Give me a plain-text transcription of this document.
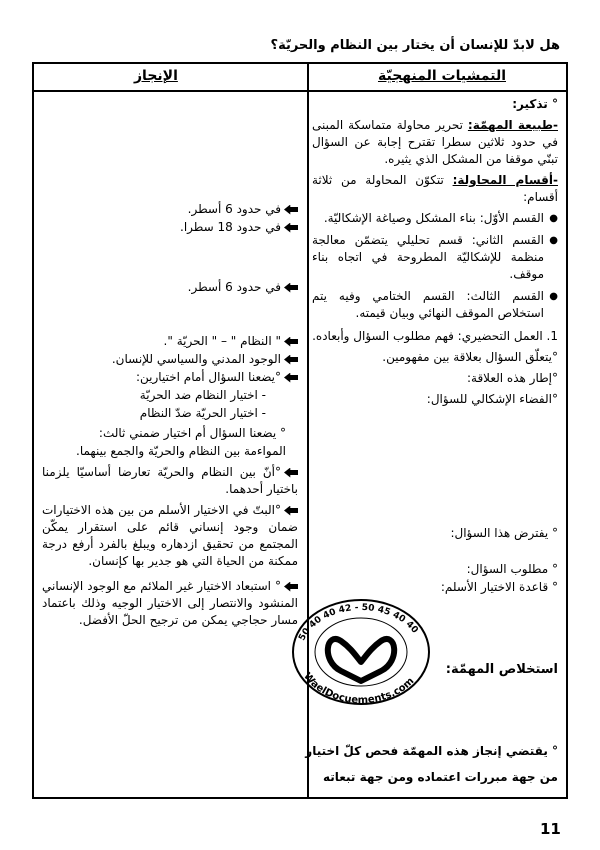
هل لابدّ للإنسان أن يختار بين النظام والحريّة؟
التمشيات المنهجيّة
الإنجاز

° تذكير:

-طبيعة المهمّة: تحرير محاولة متماسكة المبنى في حدود ثلاثين سطرا تقترح إجابة عن السؤال تبنّي موقفا من المشكل الذي يثيره.

-أقسام المحاولة: تتكوّن المحاولة من ثلاثة أقسام:

● القسم الأوّل: بناء المشكل وصياغة الإشكاليّة.
● القسم الثاني: قسم تحليلي يتضمّن معالجة منظمة للإشكاليّة المطروحة في اتجاه بناء موقف.
● القسم الثالث: القسم الختامي وفيه يتم استخلاص الموقف النهائي وبيان قيمته.

1. العمل التحضيري: فهم مطلوب السؤال وأبعاده.

°يتعلّق السؤال بعلاقة بين مفهومين.

°إطار هذه العلاقة:

°الفضاء الإشكالي للسؤال:

° يفترض هذا السؤال:
° مطلوب السؤال:
° قاعدة الاختيار الأسلم:
استخلاص المهمّة:
° يقتضي إنجاز هذه المهمّة فحص كلّ اختيار
من جهة مبررات اعتماده ومن جهة تبعاته
في حدود 6 أسطر.
في حدود 18 سطرا.
في حدود 6 أسطر.
" النظام " – " الحريّة ".
الوجود المدني والسياسي للإنسان.
°يضعنا السؤال أمام اختيارين:
- اختيار النظام ضد الحريّة
- اختيار الحريّة ضدّ النظام
° يضعنا السؤال أم اختيار ضمني ثالث:
المواءمة بين النظام والحريّة والجمع بينهما.
°أنّ بين النظام والحريّة تعارضا أساسيّا يلزمنا باختيار أحدهما.
°البتّ في الاختيار الأسلم من بين هذه الاختيارات ضمان وجود إنساني قائم على استقرار يمكّن المجتمع من تحقيق ازدهاره ويبلغ بالفرد أرفع درجة ممكنة من الحياة التي هو جدير بها كإنسان.
° استبعاد الاختيار غير الملائم مع الوجود الإنساني المنشود والانتصار إلى الاختيار الوجيه وذلك باعتماد مسار حجاجي يمكن من ترجيح الحلّ الأفضل.
50 40 40 42 - 50 45 40 40
WaelDocuements.com
11
